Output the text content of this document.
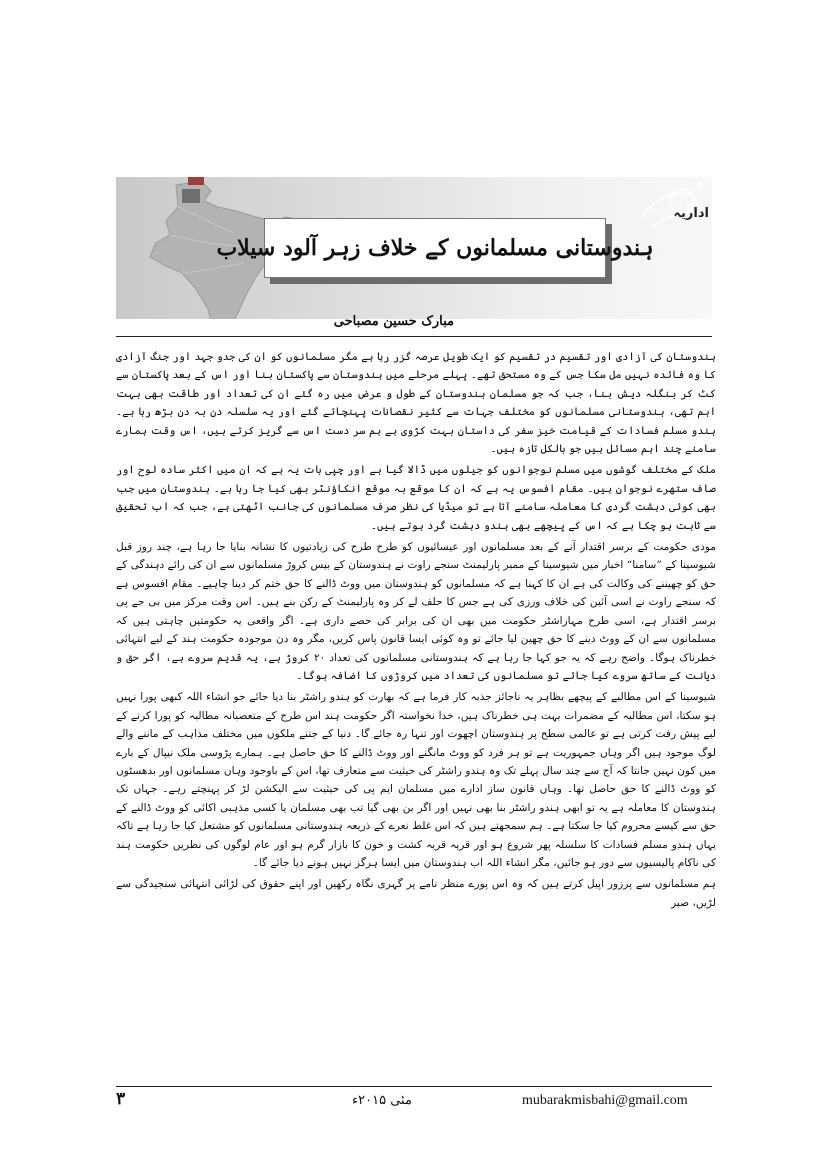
اداریہ
ہندوستانی مسلمانوں کے خلاف زہر آلود سیلاب
مبارک حسین مصباحی

ہندوستان کی آزادی اور تقسیم در تقسیم کو ایک طویل عرصہ گزر رہا ہے مگر مسلمانوں کو ان کی جدو جہد اور جنگ آزادی کا وہ فائدہ نہیں مل سکا جس کے وہ مستحق تھے۔ پہلے مرحلے میں ہندوستان سے پاکستان بنا اور اس کے بعد پاکستان سے کٹ کر بنگلہ دیش بنا، جب کہ جو مسلمان ہندوستان کے طول و عرض میں رہ گئے ان کی تعداد اور طاقت بھی بہت اہم تھی، ہندوستانی مسلمانوں کو مختلف جہات سے کثیر نقصانات پہنچائے گئے اور یہ سلسلہ دن بہ دن بڑھ رہا ہے۔ ہندو مسلم فسادات کے قیامت خیز سفر کی داستان بہت کڑوی ہے ہم سر دست اس سے گریز کرتے ہیں، اس وقت ہمارے سامنے چند اہم مسائل ہیں جو بالکل تازہ ہیں۔

ملک کے مختلف گوشوں میں مسلم نوجوانوں کو جیلوں میں ڈالا گیا ہے اور چپی بات یہ ہے کہ ان میں اکثر سادہ لوح اور صاف ستھرے نوجوان ہیں۔ مقام افسوس یہ ہے کہ ان کا موقع بہ موقع انکاؤنٹر بھی کیا جا رہا ہے۔ ہندوستان میں جب بھی کوئی دہشت گردی کا معاملہ سامنے آتا ہے تو میڈیا کی نظر صرف مسلمانوں کی جانب اٹھتی ہے، جب کہ اب تحقیق سے ثابت ہو چکا ہے کہ اس کے پیچھے بھی ہندو دہشت گرد ہوتے ہیں۔

مودی حکومت کے برسر اقتدار آنے کے بعد مسلمانوں اور عیسائیوں کو طرح طرح کی زیادتیوں کا نشانہ بنایا جا رہا ہے، چند روز قبل شیوسینا کے ”سامنا“ اخبار میں شیوسینا کے ممبر پارلیمنٹ سنجے راوت نے ہندوستان کے بیس کروڑ مسلمانوں سے ان کی رائے دہندگی کے حق کو چھیننے کی وکالت کی ہے ان کا کہنا ہے کہ مسلمانوں کو ہندوستان میں ووٹ ڈالنے کا حق ختم کر دینا چاہیے۔ مقام افسوس ہے کہ سنجے راوت نے اسی آئین کی خلاف ورزی کی ہے جس کا حلف لے کر وہ پارلیمنٹ کے رکن بنے ہیں۔ اس وقت مرکز میں بی جے پی برسر اقتدار ہے، اسی طرح مہاراشٹر حکومت میں بھی ان کی برابر کی حصے داری ہے۔ اگر واقعی یہ حکومتیں چاہتی ہیں کہ مسلمانوں سے ان کے ووٹ دینے کا حق چھین لیا جائے تو وہ کوئی ایسا قانون پاس کریں، مگر وہ دن موجودہ حکومت ہند کے لیے انتہائی خطرناک ہوگا۔ واضح رہے کہ یہ جو کہا جا رہا ہے کہ ہندوستانی مسلمانوں کی تعداد ۲۰ کروڑ ہے، یہ قدیم سروے ہے، اگر حق و دیانت کے ساتھ سروے کیا جائے تو مسلمانوں کی تعداد میں کروڑوں کا اضافہ ہوگا۔

شیوسینا کے اس مطالبے کے پیچھے بظاہر یہ ناجائز جذبہ کار فرما ہے کہ بھارت کو ہندو راشٹر بنا دیا جائے جو انشاء اللہ کبھی پورا نہیں ہو سکتا، اس مطالبہ کے مضمرات بہت ہی خطرناک ہیں، خدا نخواستہ اگر حکومت ہند اس طرح کے متعصبانہ مطالبہ کو پورا کرنے کے لیے پیش رفت کرتی ہے تو عالمی سطح پر ہندوستان اچھوت اور تنہا رہ جائے گا۔ دنیا کے جتنے ملکوں میں مختلف مذاہب کے ماننے والے لوگ موجود ہیں اگر وہاں جمہوریت ہے تو ہر فرد کو ووٹ مانگنے اور ووٹ ڈالنے کا حق حاصل ہے۔ ہمارے پڑوسی ملک نیپال کے بارے میں کون نہیں جانتا کہ آج سے چند سال پہلے تک وہ ہندو راشٹر کی حیثیت سے متعارف تھا، اس کے باوجود وہاں مسلمانوں اور بدھسٹوں کو ووٹ ڈالنے کا حق حاصل تھا۔ وہاں قانون ساز ادارے میں مسلمان ایم پی کی حیثیت سے الیکشن لڑ کر پہنچتے رہے۔ جہاں تک ہندوستان کا معاملہ ہے یہ تو ابھی ہندو راشٹر بنا بھی نہیں اور اگر بن بھی گیا تب بھی مسلمان یا کسی مذہبی اکائی کو ووٹ ڈالنے کے حق سے کیسے محروم کیا جا سکتا ہے۔ ہم سمجھتے ہیں کہ اس غلط نعرے کے ذریعہ ہندوستانی مسلمانوں کو مشتعل کیا جا رہا ہے تاکہ یہاں ہندو مسلم فسادات کا سلسلہ پھر شروع ہو اور قریہ قریہ کشت و خون کا بازار گرم ہو اور عام لوگوں کی نظریں حکومت ہند کی ناکام پالیسیوں سے دور ہو جائیں، مگر انشاء اللہ اب ہندوستان میں ایسا ہرگز نہیں ہونے دیا جائے گا۔

ہم مسلمانوں سے پرزور اپیل کرتے ہیں کہ وہ اس پورے منظر نامے پر گہری نگاہ رکھیں اور اپنے حقوق کی لڑائی انتہائی سنجیدگی سے لڑیں، صبر

۳	مئی ۲۰۱۵ء	mubarakmisbahi@gmail.com
